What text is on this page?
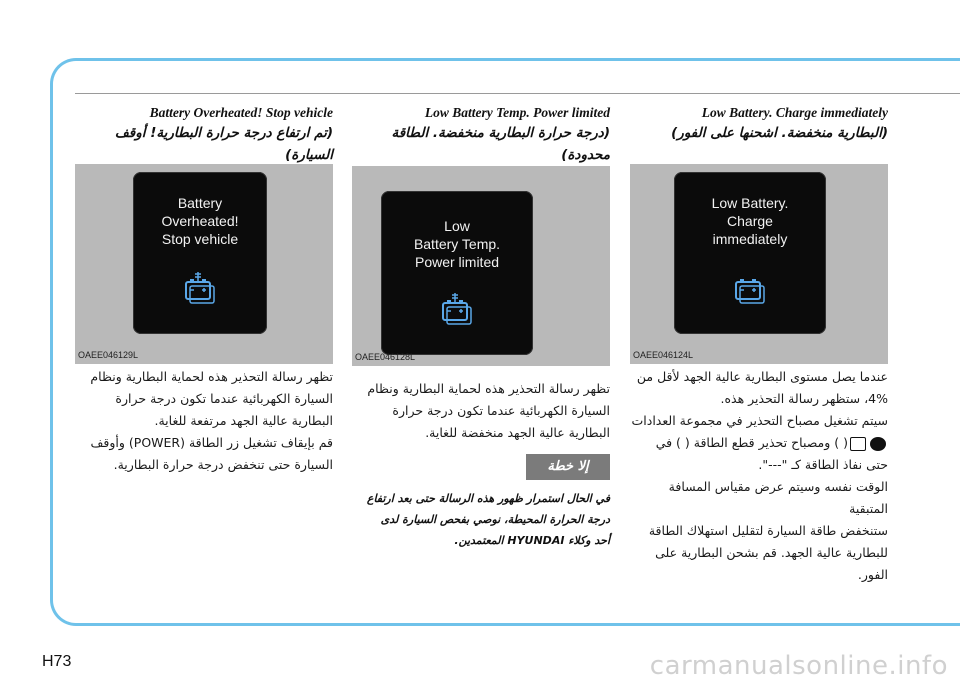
Battery Overheated! Stop vehicle

(تم ارتفاع درجة حرارة البطارية! أوقف السيارة)

Battery
Overheated!
Stop vehicle
OAEE046129L

تظهر رسالة التحذير هذه لحماية البطارية ونظام
السيارة الكهربائية عندما تكون درجة حرارة
البطارية عالية الجهد مرتفعة للغاية.
قم بإيقاف تشغيل زر الطاقة (POWER) وأوقف
السيارة حتى تنخفض درجة حرارة البطارية.

Low Battery Temp. Power limited

(درجة حرارة البطارية منخفضة. الطاقة

محدودة)

Low
Battery Temp.
Power limited
OAEE046128L

تظهر رسالة التحذير هذه لحماية البطارية ونظام
السيارة الكهربائية عندما تكون درجة حرارة
البطارية عالية الجهد منخفضة للغاية.

إلا خطة

في الحال استمرار ظهور هذه الرسالة حتى بعد ارتفاع
درجة الحرارة المحيطة، نوصي بفحص السيارة لدى
أحد وكلاء HYUNDAI المعتمدين.

Low Battery. Charge immediately

(البطارية منخفضة. اشحنها على الفور)

Low Battery.
Charge
immediately
OAEE046124L

عندما يصل مستوى البطارية عالية الجهد لأقل من
4%، ستظهر رسالة التحذير هذه.
سيتم تشغيل مصباح التحذير في مجموعة العدادات
( ) ومصباح تحذير قطع الطاقة ( ) في
حتى نفاذ الطاقة كـ "---".
الوقت نفسه وسيتم عرض مقياس المسافة المتبقية
ستنخفض طاقة السيارة لتقليل استهلاك الطاقة
للبطارية عالية الجهد. قم بشحن البطارية على
الفور.

H73	carmanualsonline.info
